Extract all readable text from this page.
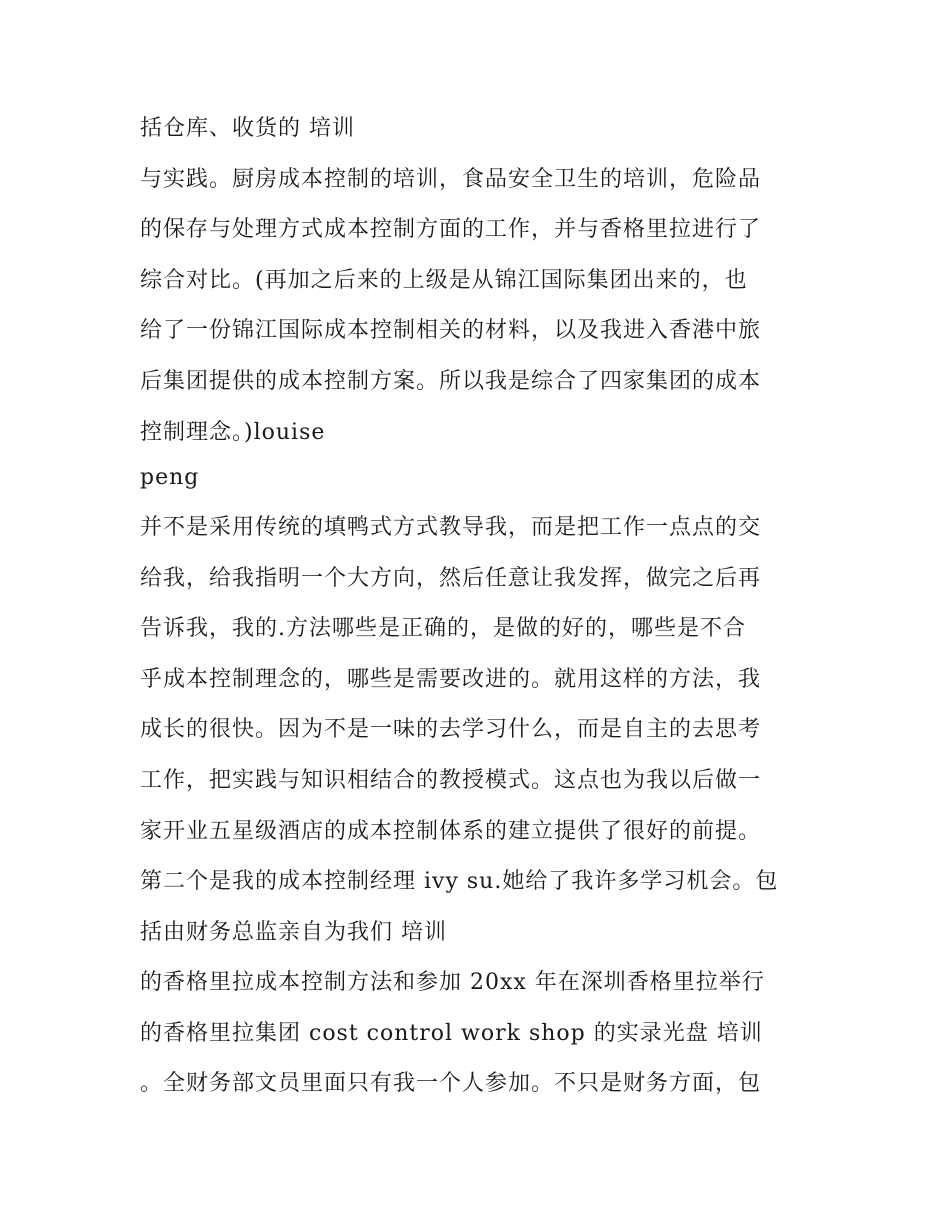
括仓库、收货的 培训
与实践。厨房成本控制的培训，食品安全卫生的培训，危险品
的保存与处理方式成本控制方面的工作，并与香格里拉进行了
综合对比。(再加之后来的上级是从锦江国际集团出来的，也
给了一份锦江国际成本控制相关的材料，以及我进入香港中旅
后集团提供的成本控制方案。所以我是综合了四家集团的成本
控制理念。)louise
peng
并不是采用传统的填鸭式方式教导我，而是把工作一点点的交
给我，给我指明一个大方向，然后任意让我发挥，做完之后再
告诉我，我的.方法哪些是正确的，是做的好的，哪些是不合
乎成本控制理念的，哪些是需要改进的。就用这样的方法，我
成长的很快。因为不是一味的去学习什么，而是自主的去思考
工作，把实践与知识相结合的教授模式。这点也为我以后做一
家开业五星级酒店的成本控制体系的建立提供了很好的前提。
第二个是我的成本控制经理 ivy su.她给了我许多学习机会。包
括由财务总监亲自为我们 培训
的香格里拉成本控制方法和参加 20xx 年在深圳香格里拉举行
的香格里拉集团 cost control work shop 的实录光盘 培训
。全财务部文员里面只有我一个人参加。不只是财务方面，包
